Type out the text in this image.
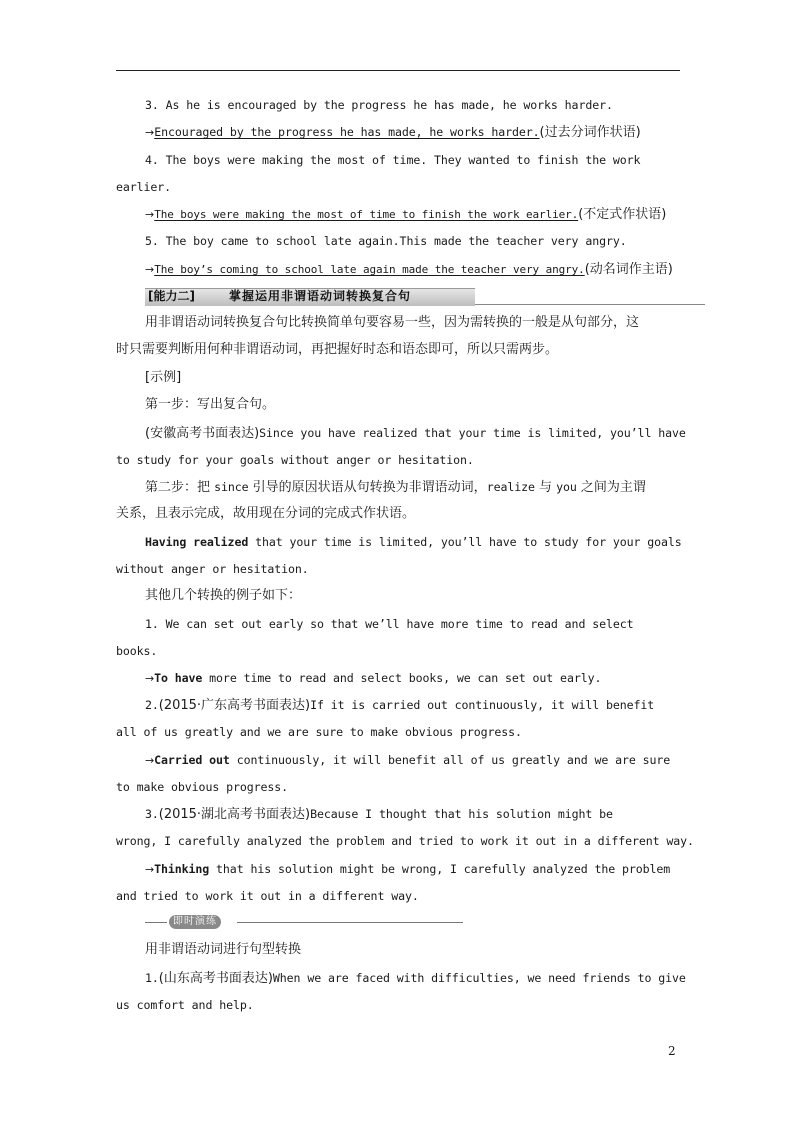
3. As he is encouraged by the progress he has made, he works harder.
→Encouraged by the progress he has made, he works harder.(过去分词作状语)
4. The boys were making the most of time. They wanted to finish the work
earlier.
→The boys were making the most of time to finish the work earlier.(不定式作状语)
5. The boy came to school late again.This made the teacher very angry.
→The boy’s coming to school late again made the teacher very angry.(动名词作主语)
[能力二]	掌握运用非谓语动词转换复合句
用非谓语动词转换复合句比转换简单句要容易一些，因为需转换的一般是从句部分，这
时只需要判断用何种非谓语动词，再把握好时态和语态即可，所以只需两步。
[示例]
第一步：写出复合句。
(安徽高考书面表达)Since you have realized that your time is limited, you’ll have
to study for your goals without anger or hesitation.
第二步：把 since 引导的原因状语从句转换为非谓语动词，realize 与 you 之间为主谓
关系，且表示完成，故用现在分词的完成式作状语。
Having realized that your time is limited, you’ll have to study for your goals
without anger or hesitation.
其他几个转换的例子如下：
1. We can set out early so that we’ll have more time to read and select
books.
→To have more time to read and select books, we can set out early.
2.(2015·广东高考书面表达)If it is carried out continuously, it will benefit
all of us greatly and we are sure to make obvious progress.
→Carried out continuously, it will benefit all of us greatly and we are sure
to make obvious progress.
3.(2015·湖北高考书面表达)Because I thought that his solution might be
wrong, I carefully analyzed the problem and tried to work it out in a different way.
→Thinking that his solution might be wrong, I carefully analyzed the problem
and tried to work it out in a different way.
即时演练
用非谓语动词进行句型转换
1.(山东高考书面表达)When we are faced with difficulties, we need friends to give
us comfort and help.
2
